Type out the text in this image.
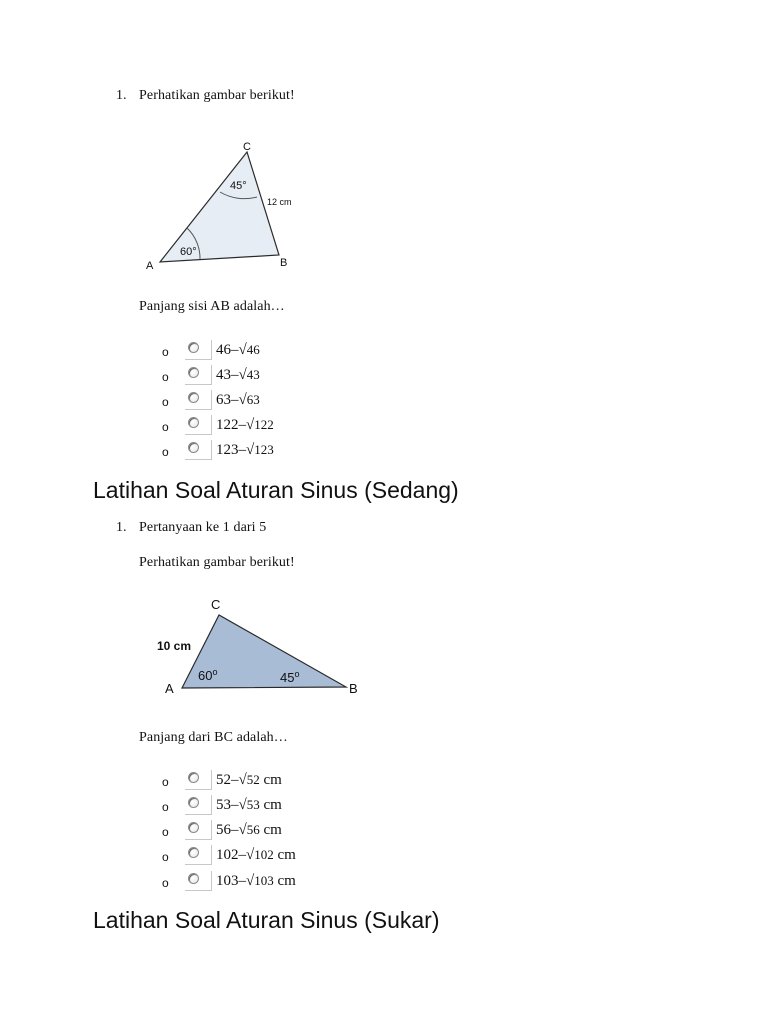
1. Perhatikan gambar berikut!
C
A	B
45°
60°
12 cm
Panjang sisi AB adalah…
o	46–√46
o	43–√43
o	63–√63
o	122–√122
o	123–√123
Latihan Soal Aturan Sinus (Sedang)
1. Pertanyaan ke 1 dari 5
Perhatikan gambar berikut!
C
A	B
10 cm
60$^o$	45$^o$
Panjang dari BC adalah…
o	52–√52 cm
o	53–√53 cm
o	56–√56 cm
o	102–√102 cm
o	103–√103 cm
Latihan Soal Aturan Sinus (Sukar)
